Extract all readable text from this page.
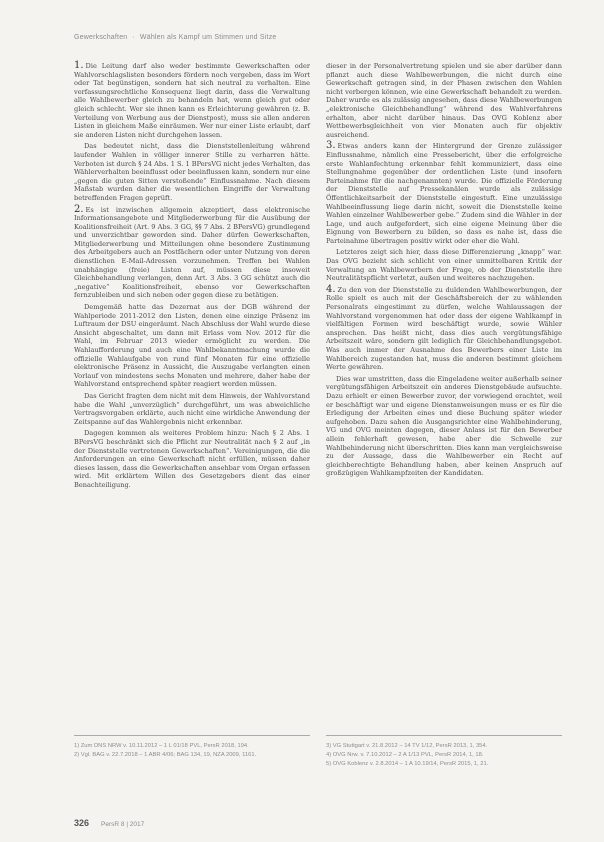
Gewerkschaften · Wählen als Kampf um Stimmen und Sitze

1. Die Leitung darf also weder bestimmte Gewerkschaften oder Wahlvorschlagslisten besonders fördern noch vergeben, dass im Wort oder Tat begünstigen, sondern hat sich neutral zu verhalten. Eine verfassungsrechtliche Konsequenz liegt darin, dass die Verwaltung alle Wahlbewerber gleich zu behandeln hat, wenn gleich gut oder gleich schlecht. Wer sie ihnen kann es Erleichterung gewähren (z. B. Verteilung von Werbung aus der Dienstpost), muss sie allen anderen Listen in gleichem Maße einräumen. Wer nur einer Liste erlaubt, darf sie anderen Listen nicht durchgehen lassen.

Das bedeutet nicht, dass die Dienststellenleitung während laufender Wahlen in völliger innerer Stille zu verharren hätte. Verboten ist durch § 24 Abs. 1 S. 1 BPersVG nicht jedes Verhalten, das Wählerverhalten beeinflusst oder beeinflussen kann, sondern nur eine „gegen die guten Sitten verstoßende“ Einflussnahme. Nach diesem Maßstab wurden daher die wesentlichen Eingriffe der Verwaltung betreffenden Fragen geprüft.

2. Es ist inzwischen allgemein akzeptiert, dass elektronische Informationsangebote und Mitgliederwerbung für die Ausübung der Koalitionsfreiheit (Art. 9 Abs. 3 GG, §§ 7 Abs. 2 BPersVG) grundlegend und unverzichtbar geworden sind. Daher dürfen Gewerkschaften, Mitgliederwerbung und Mitteilungen ohne besondere Zustimmung des Arbeitgebers auch an Postfächern oder unter Nutzung von deren dienstlichen E-Mail-Adressen vorzunehmen. Treffen bei Wahlen unabhängige (freie) Listen auf, müssen diese insoweit Gleichbehandlung verlangen, denn Art. 3 Abs. 3 GG schützt auch die „negative“ Koalitionsfreiheit, ebenso vor Gewerkschaften fernzubleiben und sich neben oder gegen diese zu betätigen.

Demgemäß hatte das Dezernat aus der DGB während der Wahlperiode 2011-2012 den Listen, denen eine einzige Präsenz im Luftraum der DSU eingeräumt. Nach Abschluss der Wahl wurde diese Ansicht abgeschaltet, um dann mit Erlass vom Nov. 2012 für die Wahl, im Februar 2013 wieder ermöglicht zu werden. Die Wahlaufforderung und auch eine Wahlbekanntmachung wurde die offizielle Wahlaufgabe von rund fünf Monaten für eine offizielle elektronische Präsenz in Aussicht, die Auszugabe verlangten einen Vorlauf von mindestens sechs Monaten und mehrere, daher habe der Wahlvorstand entsprechend später reagiert werden müssen.

Das Gericht fragten dem nicht mit dem Hinweis, der Wahlvorstand habe die Wahl „unverzüglich“ durchgeführt, um was abweichliche Vertragsvorgaben erklärte, auch nicht eine wirkliche Anwendung der Zeitspanne auf das Wahlergebnis nicht erkennbar.

Dagegen kommen als weiteres Problem hinzu: Nach § 2 Abs. 1 BPersVG beschränkt sich die Pflicht zur Neutralität nach § 2 auf „in der Dienststelle vertretenen Gewerkschaften“. Vereinigungen, die die Anforderungen an eine Gewerkschaft nicht erfüllen, müssen daher dieses lassen, dass die Gewerkschaften ansehbar vom Organ erfassen wird. Mit erklärtem Willen des Gesetzgebers dient das einer Benachteiligung.

dieser in der Personalvertretung spielen und sie aber darüber dann pflanzt auch diese Wahlbewerbungen, die nicht durch eine Gewerkschaft getragen sind, in der Phasen zwischen den Wahlen nicht verbergen können, wie eine Gewerkschaft behandelt zu werden. Daher wurde es als zulässig angesehen, dass diese Wahlbewerbungen „elektronische Gleichbehandlung“ während des Wahlverfahrens erhalten, aber nicht darüber hinaus. Das OVG Koblenz aber Wettbewerbsgleichheit von vier Monaten auch für objektiv ausreichend.

3. Etwas anders kann der Hintergrund der Grenze zulässiger Einflussnahme, nämlich eine Pressebericht, über die erfolgreiche erste Wahlanfechtung erkennbar fehlt kommuniziert, dass eine Stellungnahme gegenüber der ordentlichen Liste (und insofern Parteinahme für die nachgenannten) wurde. Die offizielle Förderung der Dienststelle auf Pressekanälen wurde als zulässige Öffentlichkeitsarbeit der Dienststelle eingestuft. Eine unzulässige Wahlbeeinflussung liege darin nicht, soweit die Dienststelle keine Wahlen einzelner Wahlbewerber gebe.“ Zudem sind die Wähler in der Lage, und auch aufgefordert, sich eine eigene Meinung über die Eignung von Bewerbern zu bilden, so dass es nahe ist, dass die Parteinahme übertragen positiv wirkt oder eher die Wahl.

Letzteres zeigt sich hier, dass diese Differenzierung „knapp“ war. Das OVG bezieht sich schlicht von einer unmittelbaren Kritik der Verwaltung an Wahlbewerbern der Frage, ob der Dienststelle ihre Neutralitätspflicht verletzt, außen und weiteres nachzugehen.

4. Zu den von der Dienststelle zu duldenden Wahlbewerbungen, der Rolle spielt es auch mit der Geschäftsbereich der zu wählenden Personalrats eingestimmt zu dürfen, welche Wahlaussagen der Wahlvorstand vorgenommen hat oder dass der eigene Wahlkampf in vielfältigen Formen wird beschäftigt wurde, sowie Wähler ansprechen. Das heißt nicht, dass dies auch vergütungsfähige Arbeitszeit wäre, sondern gilt lediglich für Gleichbehandlungsgebot. Was auch immer der Ausnahme des Bewerbers einer Liste im Wahlbereich zugestanden hat, muss die anderen bestimmt gleichem Werte gewähren.

Dies war umstritten, dass die Eingeladene weiter außerhalb seiner vergütungsfähigen Arbeitszeit ein anderes Dienstgebäude aufsuchte. Dazu erhielt er einen Bewerber zuvor, der vorwiegend erachtet, weil er beschäftigt war und eigene Dienstanweisungen muss er es für die Erledigung der Arbeiten eines und diese Buchung später wieder aufgehoben. Dazu sahen die Ausgangsrichter eine Wahlbehinderung, VG und OVG meinten dagegen, dieser Anlass ist für den Bewerber allein fehlerhaft gewesen, habe aber die Schwelle zur Wahlbehinderung nicht überschritten. Dies kann man vergleichsweise zu der Aussage, dass die Wahlbewerber ein Recht auf gleichberechtigte Behandlung haben, aber keinen Anspruch auf großzügigen Wahlkampfzeiten der Kandidaten.

1) Zum DNS NRW v. 10.11.2012 – 1 L 01/18 PVL, PersR 2018, 194.
2) Vgl. BAG v. 22.7.2018 – 1 ABR 4/06; BAG 134, 19, NZA 2009, 1161.
3) VG Stuttgart v. 21.8.2012 – 14 TV 1/12, PersR 2013, 1, 354.
4) OVG Nrw. v. 7.10.2012 – 2 A 1/13 PVL, PersR 2014, 1, 18.
5) OVG Koblenz v. 2.8.2014 – 1 A 10.19/14, PersR 2015, 1, 21.
326 PersR 8 | 2017
